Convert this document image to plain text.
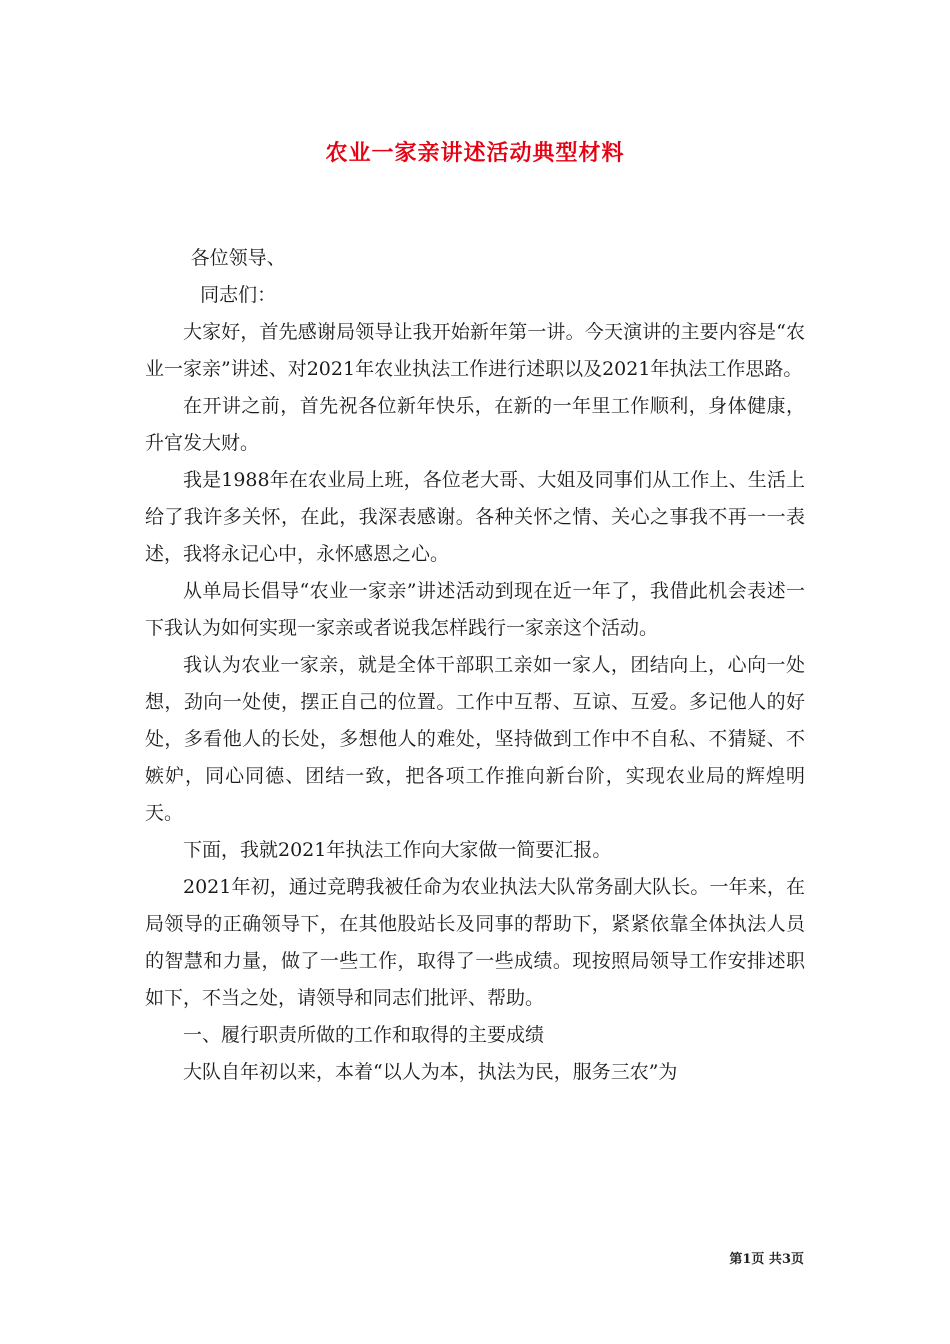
农业一家亲讲述活动典型材料

各位领导、

同志们：

大家好，首先感谢局领导让我开始新年第一讲。今天演讲的主要内容是“农业一家亲”讲述、对2021年农业执法工作进行述职以及2021年执法工作思路。

在开讲之前，首先祝各位新年快乐，在新的一年里工作顺利，身体健康，升官发大财。

我是1988年在农业局上班，各位老大哥、大姐及同事们从工作上、生活上给了我许多关怀，在此，我深表感谢。各种关怀之情、关心之事我不再一一表述，我将永记心中，永怀感恩之心。

从单局长倡导“农业一家亲”讲述活动到现在近一年了，我借此机会表述一下我认为如何实现一家亲或者说我怎样践行一家亲这个活动。

我认为农业一家亲，就是全体干部职工亲如一家人，团结向上，心向一处想，劲向一处使，摆正自己的位置。工作中互帮、互谅、互爱。多记他人的好处，多看他人的长处，多想他人的难处，坚持做到工作中不自私、不猜疑、不嫉妒，同心同德、团结一致，把各项工作推向新台阶，实现农业局的辉煌明天。

下面，我就2021年执法工作向大家做一简要汇报。

2021年初，通过竞聘我被任命为农业执法大队常务副大队长。一年来，在局领导的正确领导下，在其他股站长及同事的帮助下，紧紧依靠全体执法人员的智慧和力量，做了一些工作，取得了一些成绩。现按照局领导工作安排述职如下，不当之处，请领导和同志们批评、帮助。

一、履行职责所做的工作和取得的主要成绩

大队自年初以来，本着“以人为本，执法为民，服务三农”为

第1页 共3页
